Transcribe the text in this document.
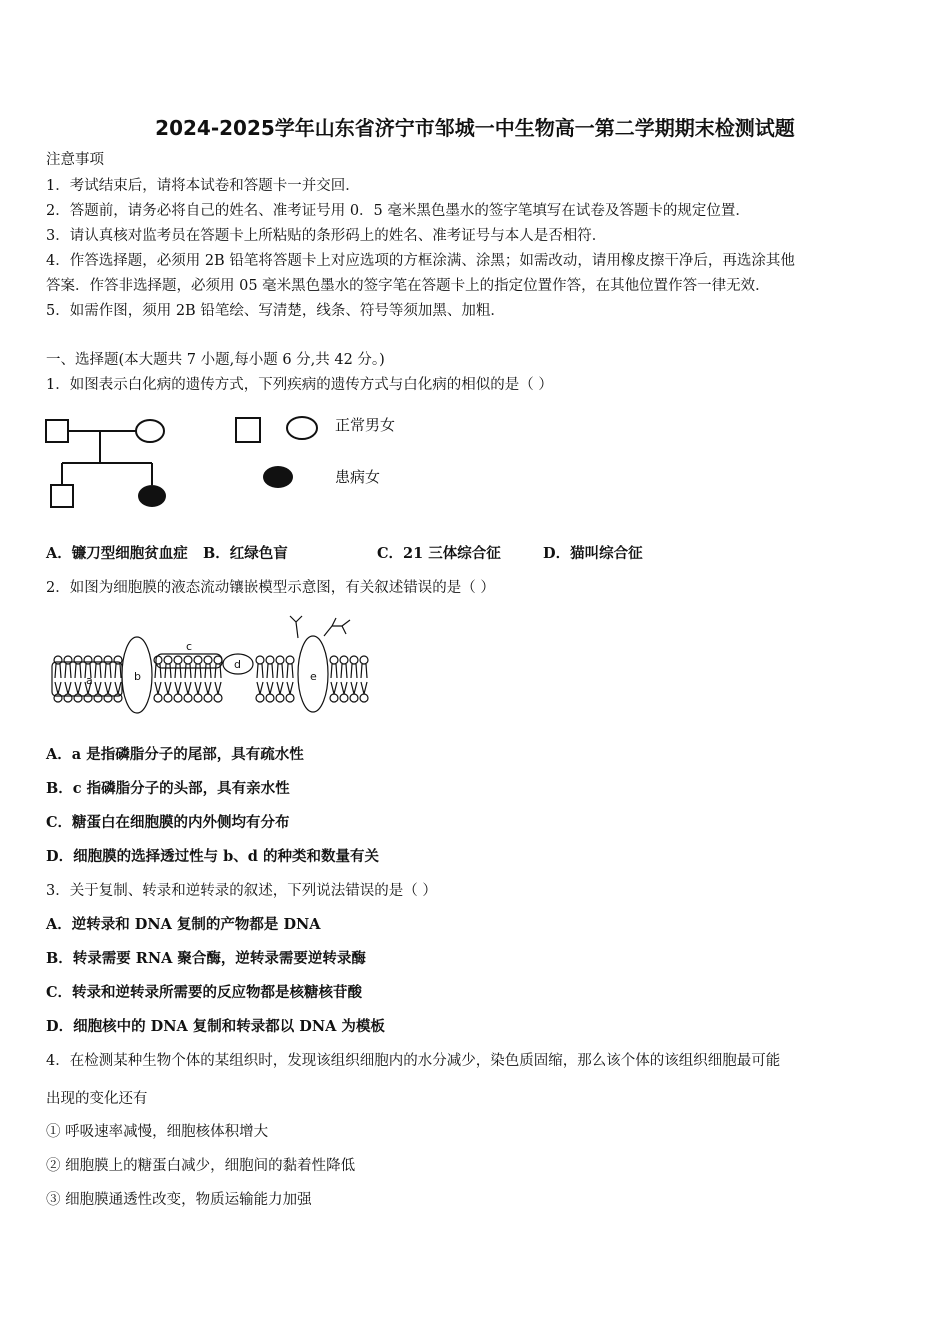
2024-2025学年山东省济宁市邹城一中生物高一第二学期期末检测试题
注意事项
1．考试结束后，请将本试卷和答题卡一并交回．
2．答题前，请务必将自己的姓名、准考证号用 0．5 毫米黑色墨水的签字笔填写在试卷及答题卡的规定位置．
3．请认真核对监考员在答题卡上所粘贴的条形码上的姓名、准考证号与本人是否相符．
4．作答选择题，必须用 2B 铅笔将答题卡上对应选项的方框涂满、涂黑；如需改动，请用橡皮擦干净后，再选涂其他
答案．作答非选择题，必须用 05 毫米黑色墨水的签字笔在答题卡上的指定位置作答，在其他位置作答一律无效．
5．如需作图，须用 2B 铅笔绘、写清楚，线条、符号等须加黑、加粗．
一、选择题(本大题共 7 小题,每小题 6 分,共 42 分。)
1．如图表示白化病的遗传方式，下列疾病的遗传方式与白化病的相似的是（ ）
正常男女
患病女
A．镰刀型细胞贫血症 B．红绿色盲	C．21 三体综合征	D．猫叫综合征
2．如图为细胞膜的液态流动镶嵌模型示意图，有关叙述错误的是（ ）
a	b
c
d
e
A．a 是指磷脂分子的尾部，具有疏水性
B．c 指磷脂分子的头部，具有亲水性
C．糖蛋白在细胞膜的内外侧均有分布
D．细胞膜的选择透过性与 b、d 的种类和数量有关
3．关于复制、转录和逆转录的叙述，下列说法错误的是（ ）
A．逆转录和 DNA 复制的产物都是 DNA
B．转录需要 RNA 聚合酶，逆转录需要逆转录酶
C．转录和逆转录所需要的反应物都是核糖核苷酸
D．细胞核中的 DNA 复制和转录都以 DNA 为模板
4．在检测某种生物个体的某组织时，发现该组织细胞内的水分减少，染色质固缩，那么该个体的该组织细胞最可能
出现的变化还有
① 呼吸速率减慢，细胞核体积增大
② 细胞膜上的糖蛋白减少，细胞间的黏着性降低
③ 细胞膜通透性改变，物质运输能力加强
